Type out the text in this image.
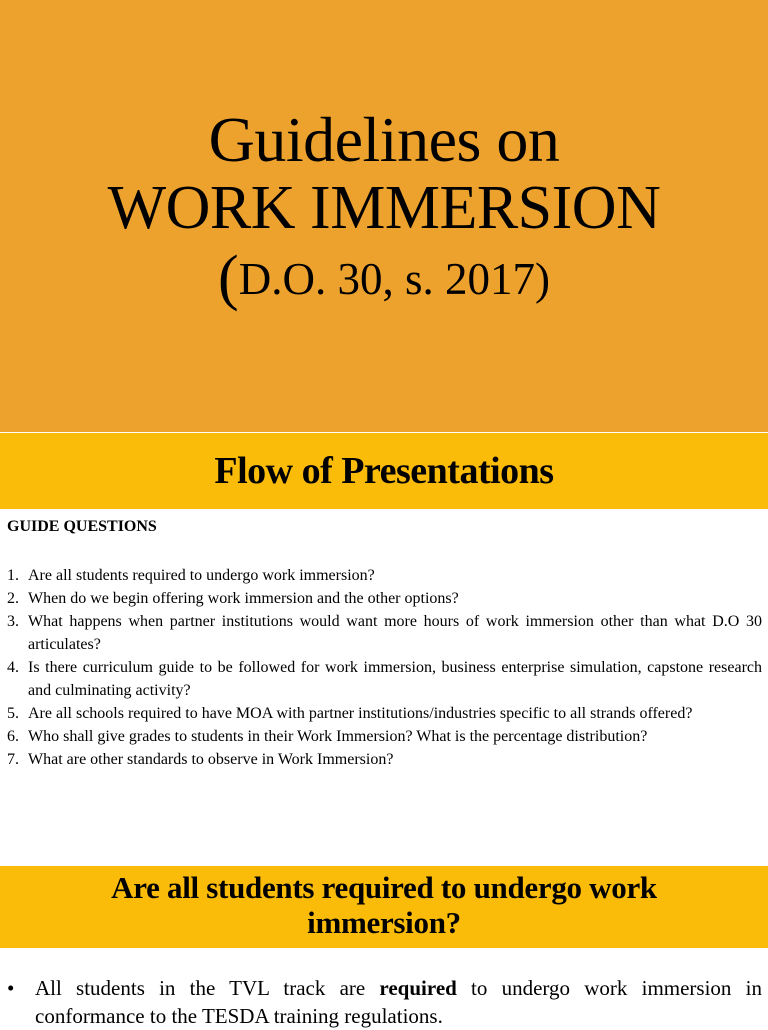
Guidelines on
WORK IMMERSION
(D.O. 30, s. 2017)
Flow of Presentations
GUIDE QUESTIONS
1. Are all students required to undergo work immersion?
2. When do we begin offering work immersion and the other options?
3. What happens when partner institutions would want more hours of work immersion other than what D.O 30 articulates?
4. Is there curriculum guide to be followed for work immersion, business enterprise simulation, capstone research and culminating activity?
5. Are all schools required to have MOA with partner institutions/industries specific to all strands offered?
6. Who shall give grades to students in their Work Immersion? What is the percentage distribution?
7. What are other standards to observe in Work Immersion?
Are all students required to undergo work
immersion?
• All students in the TVL track are required to undergo work immersion in conformance to the TESDA training regulations.
